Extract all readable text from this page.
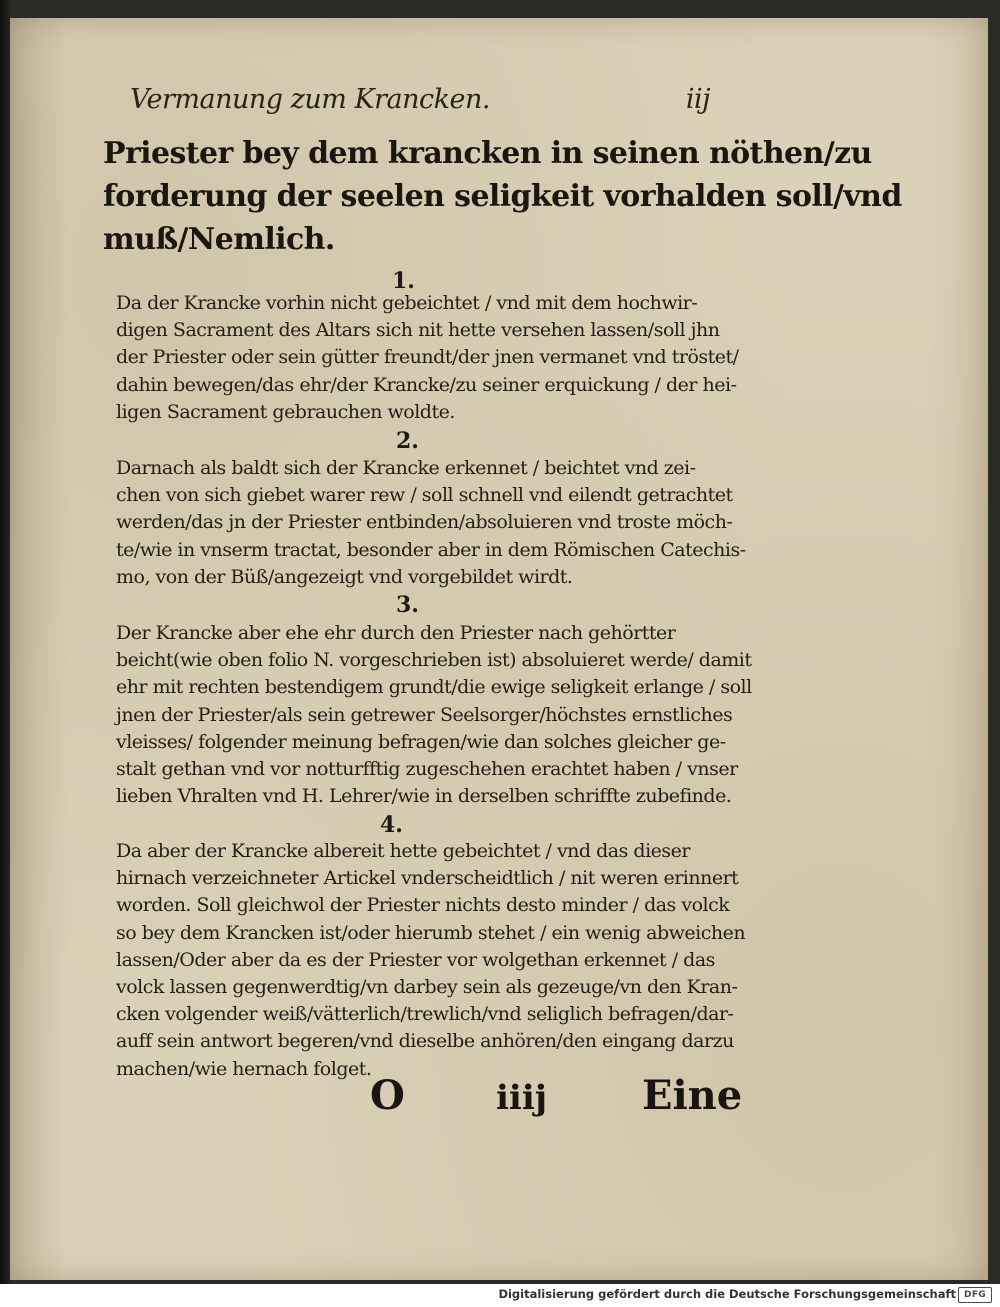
Vermanung zum Krancken.	iij
Priester bey dem krancken in seinen nöthen/zu
forderung der seelen seligkeit vorhalden soll/vnd
muß/Nemlich.
1.
Da der Krancke vorhin nicht gebeichtet / vnd mit dem hochwir-
digen Sacrament des Altars sich nit hette versehen lassen/soll jhn
der Priester oder sein gütter freundt/der jnen vermanet vnd tröstet/
dahin bewegen/das ehr/der Krancke/zu seiner erquickung / der hei-
ligen Sacrament gebrauchen woldte.
2.
Darnach als baldt sich der Krancke erkennet / beichtet vnd zei-
chen von sich giebet warer rew / soll schnell vnd eilendt getrachtet
werden/das jn der Priester entbinden/absoluieren vnd troste möch-
te/wie in vnserm tractat, besonder aber in dem Römischen Catechis-
mo, von der Büß/angezeigt vnd vorgebildet wirdt.
3.
Der Krancke aber ehe ehr durch den Priester nach gehörtter
beicht(wie oben folio N. vorgeschrieben ist) absoluieret werde/ damit
ehr mit rechten bestendigem grundt/die ewige seligkeit erlange / soll
jnen der Priester/als sein getrewer Seelsorger/höchstes ernstliches
vleisses/ folgender meinung befragen/wie dan solches gleicher ge-
stalt gethan vnd vor notturfftig zugeschehen erachtet haben / vnser
lieben Vhralten vnd H. Lehrer/wie in derselben schriffte zubefinde.
4.
Da aber der Krancke albereit hette gebeichtet / vnd das dieser
hirnach verzeichneter Artickel vnderscheidtlich / nit weren erinnert
worden. Soll gleichwol der Priester nichts desto minder / das volck
so bey dem Krancken ist/oder hierumb stehet / ein wenig abweichen
lassen/Oder aber da es der Priester vor wolgethan erkennet / das
volck lassen gegenwerdtig/vn darbey sein als gezeuge/vn den Kran-
cken volgender weiß/vätterlich/trewlich/vnd seliglich befragen/dar-
auff sein antwort begeren/vnd dieselbe anhören/den eingang darzu
machen/wie hernach folget.
O	iiij Eine
Digitalisierung gefördert durch die Deutsche Forschungsgemeinschaft DFG
